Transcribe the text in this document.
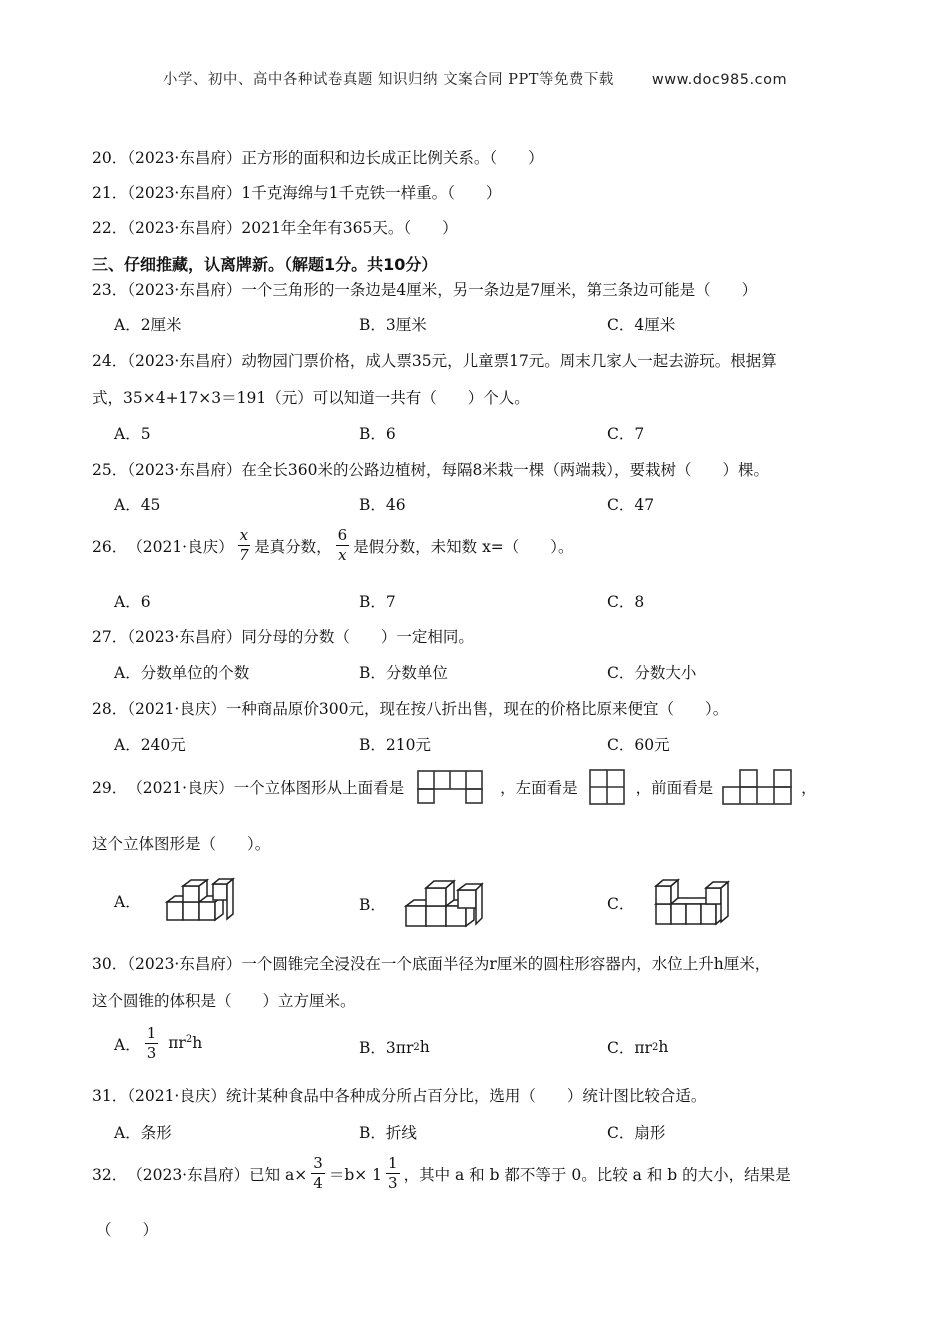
小学、初中、高中各种试卷真题 知识归纳 文案合同 PPT等免费下载	www.doc985.com
20．（2023·东昌府）正方形的面积和边长成正比例关系。（　　）
21．（2023·东昌府）1千克海绵与1千克铁一样重。（　　）
22．（2023·东昌府）2021年全年有365天。（　　）
三、仔细推藏，认离牌新。（解题1分。共10分）
23．（2023·东昌府）一个三角形的一条边是4厘米，另一条边是7厘米，第三条边可能是（　　）
A．2厘米	B．3厘米	C．4厘米
24．（2023·东昌府）动物园门票价格，成人票35元，儿童票17元。周末几家人一起去游玩。根据算
式，35×4+17×3＝191（元）可以知道一共有（　　）个人。
A．5	B．6	C．7
25．（2023·东昌府）在全长360米的公路边植树，每隔8米栽一棵（两端栽），要栽树（　　）棵。
A．45	B．46	C．47
26． （2021·良庆） $\frac{x}{7}$ 是真分数， $\frac{6}{x}$ 是假分数，未知数 x=（　　）。
A．6	B．7	C．8
27．（2023·东昌府）同分母的分数（　　）一定相同。
A．分数单位的个数	B．分数单位	C．分数大小
28．（2021·良庆）一种商品原价300元，现在按八折出售，现在的价格比原来便宜（　　）。
A．240元	B．210元	C．60元
29． （2021·良庆） 一个立体图形从上面看是	，左面看是	，前面看是	，
这个立体图形是（　　）。
A．	B．	C．
30．（2023·东昌府）一个圆锥完全浸没在一个底面半径为r厘米的圆柱形容器内，水位上升h厘米，
这个圆锥的体积是（　　）立方厘米。
A． $\frac{1}{3} \pi r^2h$	B．3πr 2 h	C．πr 2 h
31．（2021·良庆）统计某种食品中各种成分所占百分比，选用（　　）统计图比较合适。
A．条形	B．折线	C．扇形
32． （2023·东昌府） 已知 $a\times \frac{3}{4} =b\times 1 \frac{1}{3}$ ，其中 a 和 b 都不等于 0。比较 a 和 b 的大小，结果是
（　　）
